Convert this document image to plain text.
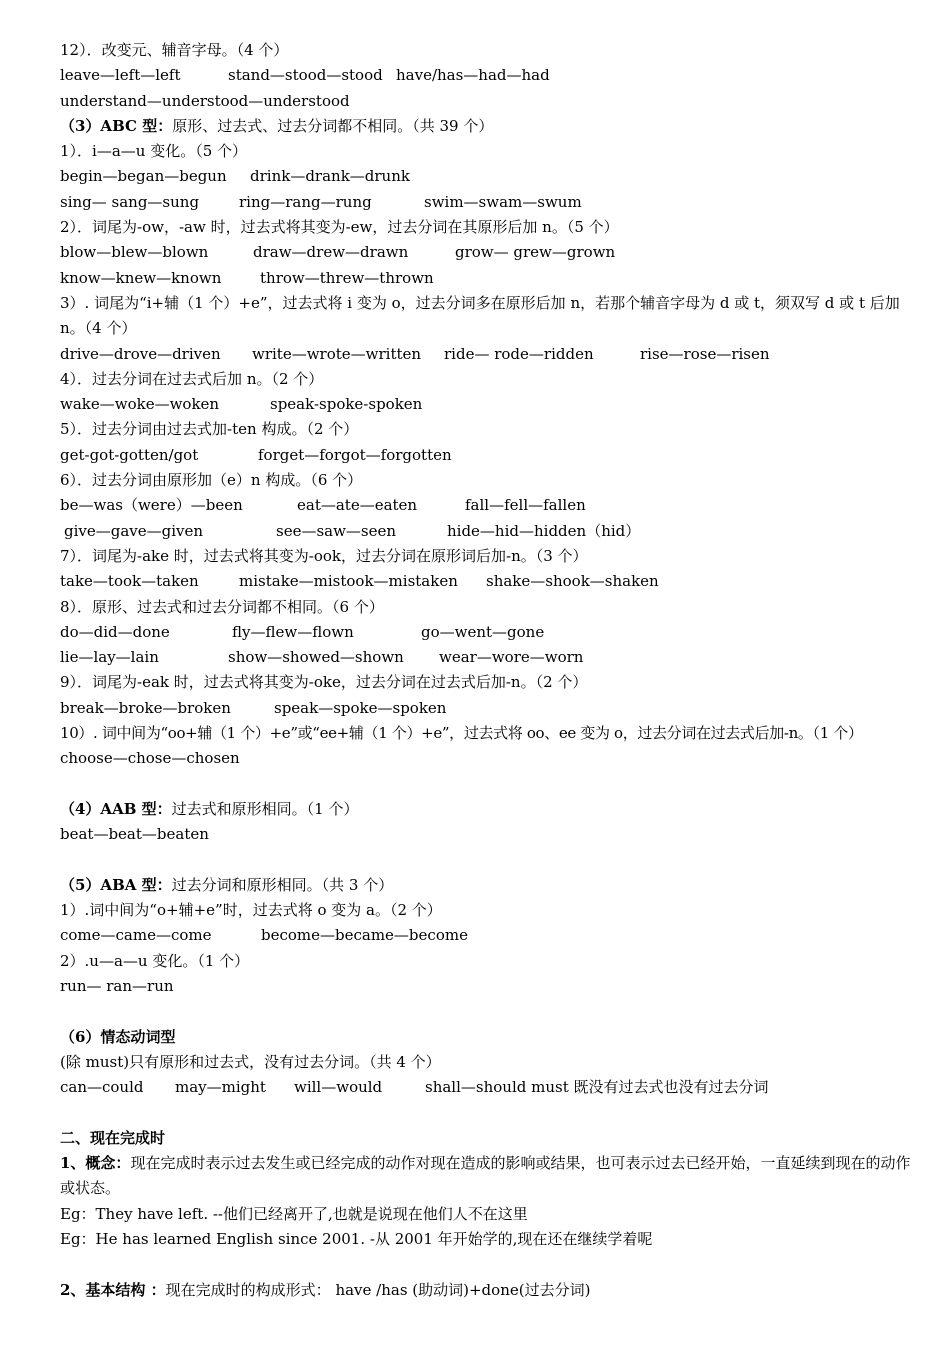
12）．改变元、辅音字母。（4 个）
leave—left—left	stand—stood—stood have/has—had—had
understand—understood—understood
（3）ABC 型：原形、过去式、过去分词都不相同。（共 39 个）
1）．i—a—u 变化。（5 个）
begin—began—begun drink—drank—drunk
sing— sang—sung	ring—rang—rung	swim—swam—swum
2）．词尾为-ow，-aw 时，过去式将其变为-ew，过去分词在其原形后加 n。（5 个）
blow—blew—blown	draw—drew—drawn	grow— grew—grown
know—knew—known	throw—threw—thrown
3）. 词尾为“i+辅（1 个）+e”，过去式将 i 变为 o，过去分词多在原形后加 n，若那个辅音字母为 d 或 t，须双写 d 或 t 后加 n。（4 个）
drive—drove—driven write—wrote—written ride— rode—ridden	rise—rose—risen
4）．过去分词在过去式后加 n。（2 个）
wake—woke—woken	speak-spoke-spoken
5）．过去分词由过去式加-ten 构成。（2 个）
get-got-gotten/got	forget—forgot—forgotten
6）．过去分词由原形加（e）n 构成。（6 个）
be—was（were）—been	eat—ate—eaten	fall—fell—fallen
give—gave—given	see—saw—seen	hide—hid—hidden（hid）
7）．词尾为-ake 时，过去式将其变为-ook，过去分词在原形词后加-n。（3 个）
take—took—taken	mistake—mistook—mistaken shake—shook—shaken
8）．原形、过去式和过去分词都不相同。（6 个）
do—did—done	fly—flew—flown	go—went—gone
lie—lay—lain	show—showed—shown wear—wore—worn
9）．词尾为-eak 时，过去式将其变为-oke，过去分词在过去式后加-n。（2 个）
break—broke—broken	speak—spoke—spoken
10）. 词中间为“oo+辅（1 个）+e”或“ee+辅（1 个）+e”，过去式将 oo、ee 变为 o，过去分词在过去式后加-n。（1 个）
choose—chose—chosen
（4）AAB 型：过去式和原形相同。（1 个）
beat—beat—beaten
（5）ABA 型：过去分词和原形相同。（共 3 个）
1）.词中间为“o+辅+e”时，过去式将 o 变为 a。（2 个）
come—came—come	become—became—become
2）.u—a—u 变化。（1 个）
run— ran—run
（6）情态动词型
(除 must)只有原形和过去式，没有过去分词。（共 4 个）
can—could may—might will—would	shall—should must 既没有过去式也没有过去分词
二、现在完成时
1、概念：现在完成时表示过去发生或已经完成的动作对现在造成的影响或结果，也可表示过去已经开始，一直延续到现在的动作或状态。
Eg：They have left. --他们已经离开了,也就是说现在他们人不在这里
Eg：He has learned English since 2001. -从 2001 年开始学的,现在还在继续学着呢
2、基本结构 ：现在完成时的构成形式： have /has (助动词)+done(过去分词)
